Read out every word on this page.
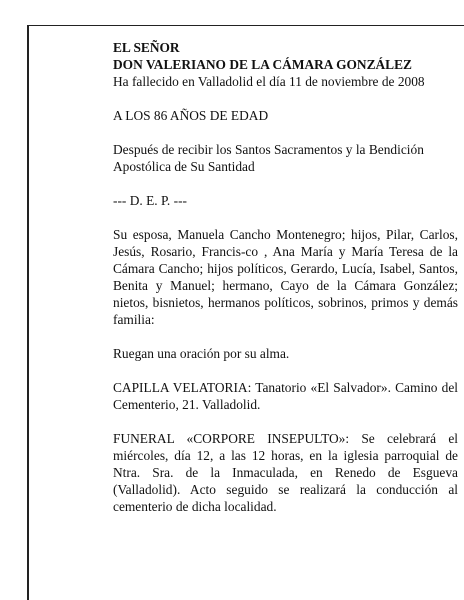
EL SEÑOR

DON VALERIANO DE LA CÁMARA GONZÁLEZ

Ha fallecido en Valladolid el día 11 de noviembre de 2008

A LOS 86 AÑOS DE EDAD

Después de recibir los Santos Sacramentos y la Bendición Apostólica de Su Santidad

--- D. E. P. ---

Su esposa, Manuela Cancho Montenegro; hijos, Pilar, Carlos, Jesús, Rosario, Francis-co , Ana María y María Teresa de la Cámara Cancho; hijos políticos, Gerardo, Lucía, Isabel, Santos, Benita y Manuel; hermano, Cayo de la Cámara González; nietos, bisnietos, hermanos políticos, sobrinos, primos y demás familia:

Ruegan una oración por su alma.

CAPILLA VELATORIA: Tanatorio «El Salvador». Camino del Cementerio, 21. Valladolid.

FUNERAL «CORPORE INSEPULTO»: Se celebrará el miércoles, día 12, a las 12 horas, en la iglesia parroquial de Ntra. Sra. de la Inmaculada, en Renedo de Esgueva (Valladolid). Acto seguido se realizará la conducción al cementerio de dicha localidad.
